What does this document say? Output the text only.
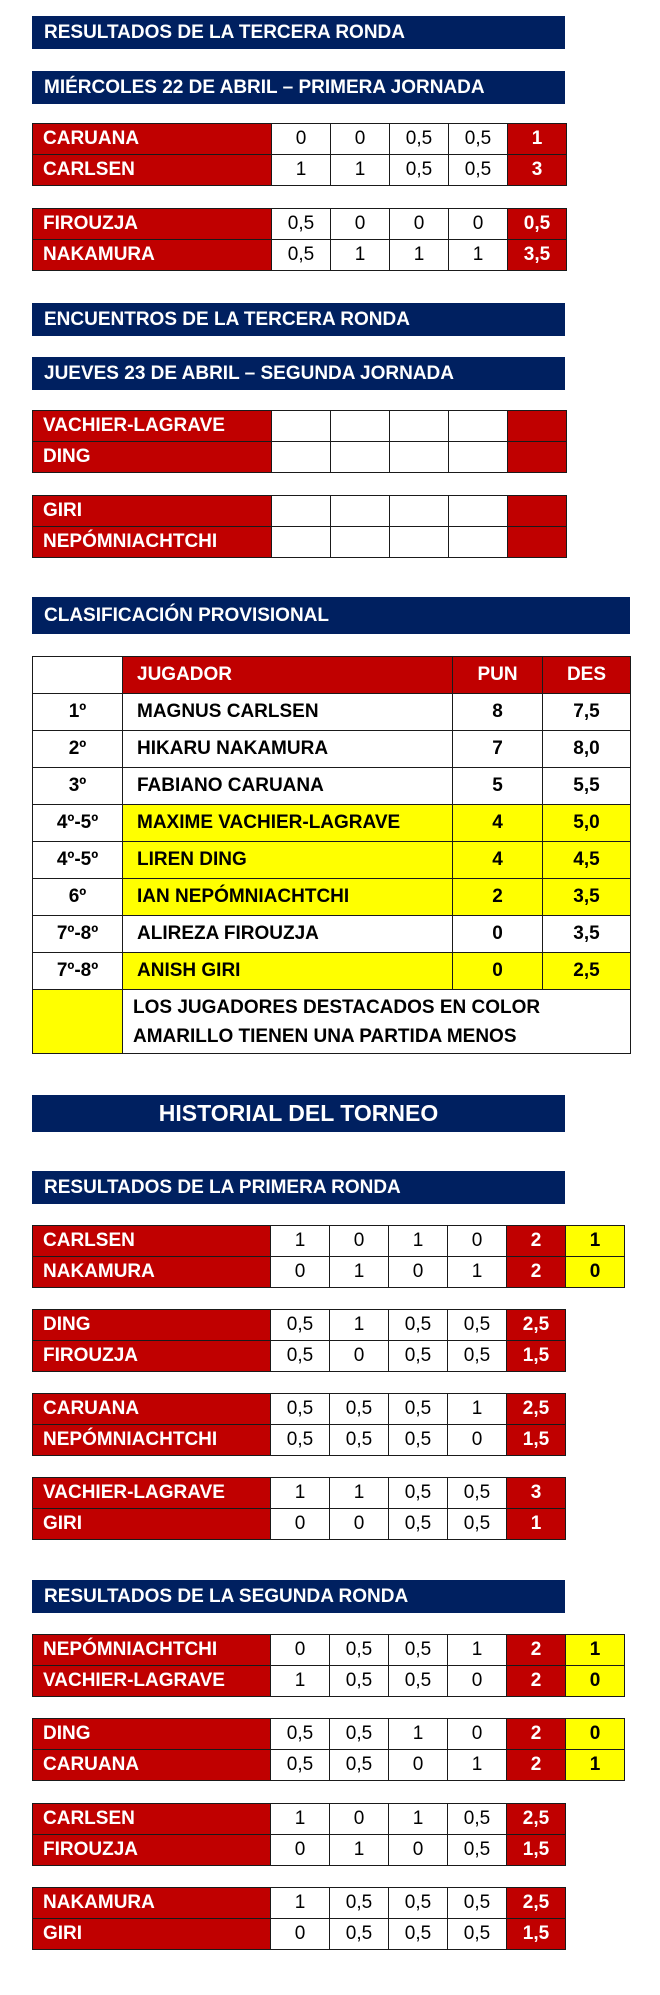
RESULTADOS DE LA TERCERA RONDA
MIÉRCOLES 22 DE ABRIL – PRIMERA JORNADA
CARUANA	0	0	0,5	0,5	1
CARLSEN	1	1	0,5	0,5	3
FIROUZJA	0,5	0	0	0	0,5
NAKAMURA	0,5	1	1	1	3,5
ENCUENTROS DE LA TERCERA RONDA
JUEVES 23 DE ABRIL – SEGUNDA JORNADA
VACHIER-LAGRAVE					
DING					
GIRI					
NEPÓMNIACHTCHI					
CLASIFICACIÓN PROVISIONAL
	JUGADOR	PUN	DES
1º	MAGNUS CARLSEN	8	7,5
2º	HIKARU NAKAMURA	7	8,0
3º	FABIANO CARUANA	5	5,5
4º-5º	MAXIME VACHIER-LAGRAVE	4	5,0
4º-5º	LIREN DING	4	4,5
6º	IAN NEPÓMNIACHTCHI	2	3,5
7º-8º	ALIREZA FIROUZJA	0	3,5
7º-8º	ANISH GIRI	0	2,5
	LOS JUGADORES DESTACADOS EN COLOR AMARILLO TIENEN UNA PARTIDA MENOS		
HISTORIAL DEL TORNEO
RESULTADOS DE LA PRIMERA RONDA
CARLSEN	1	0	1	0	2	1
NAKAMURA	0	1	0	1	2	0
DING	0,5	1	0,5	0,5	2,5
FIROUZJA	0,5	0	0,5	0,5	1,5
CARUANA	0,5	0,5	0,5	1	2,5
NEPÓMNIACHTCHI	0,5	0,5	0,5	0	1,5
VACHIER-LAGRAVE	1	1	0,5	0,5	3
GIRI	0	0	0,5	0,5	1
RESULTADOS DE LA SEGUNDA RONDA
NEPÓMNIACHTCHI	0	0,5	0,5	1	2	1
VACHIER-LAGRAVE	1	0,5	0,5	0	2	0
DING	0,5	0,5	1	0	2	0
CARUANA	0,5	0,5	0	1	2	1
CARLSEN	1	0	1	0,5	2,5
FIROUZJA	0	1	0	0,5	1,5
NAKAMURA	1	0,5	0,5	0,5	2,5
GIRI	0	0,5	0,5	0,5	1,5
